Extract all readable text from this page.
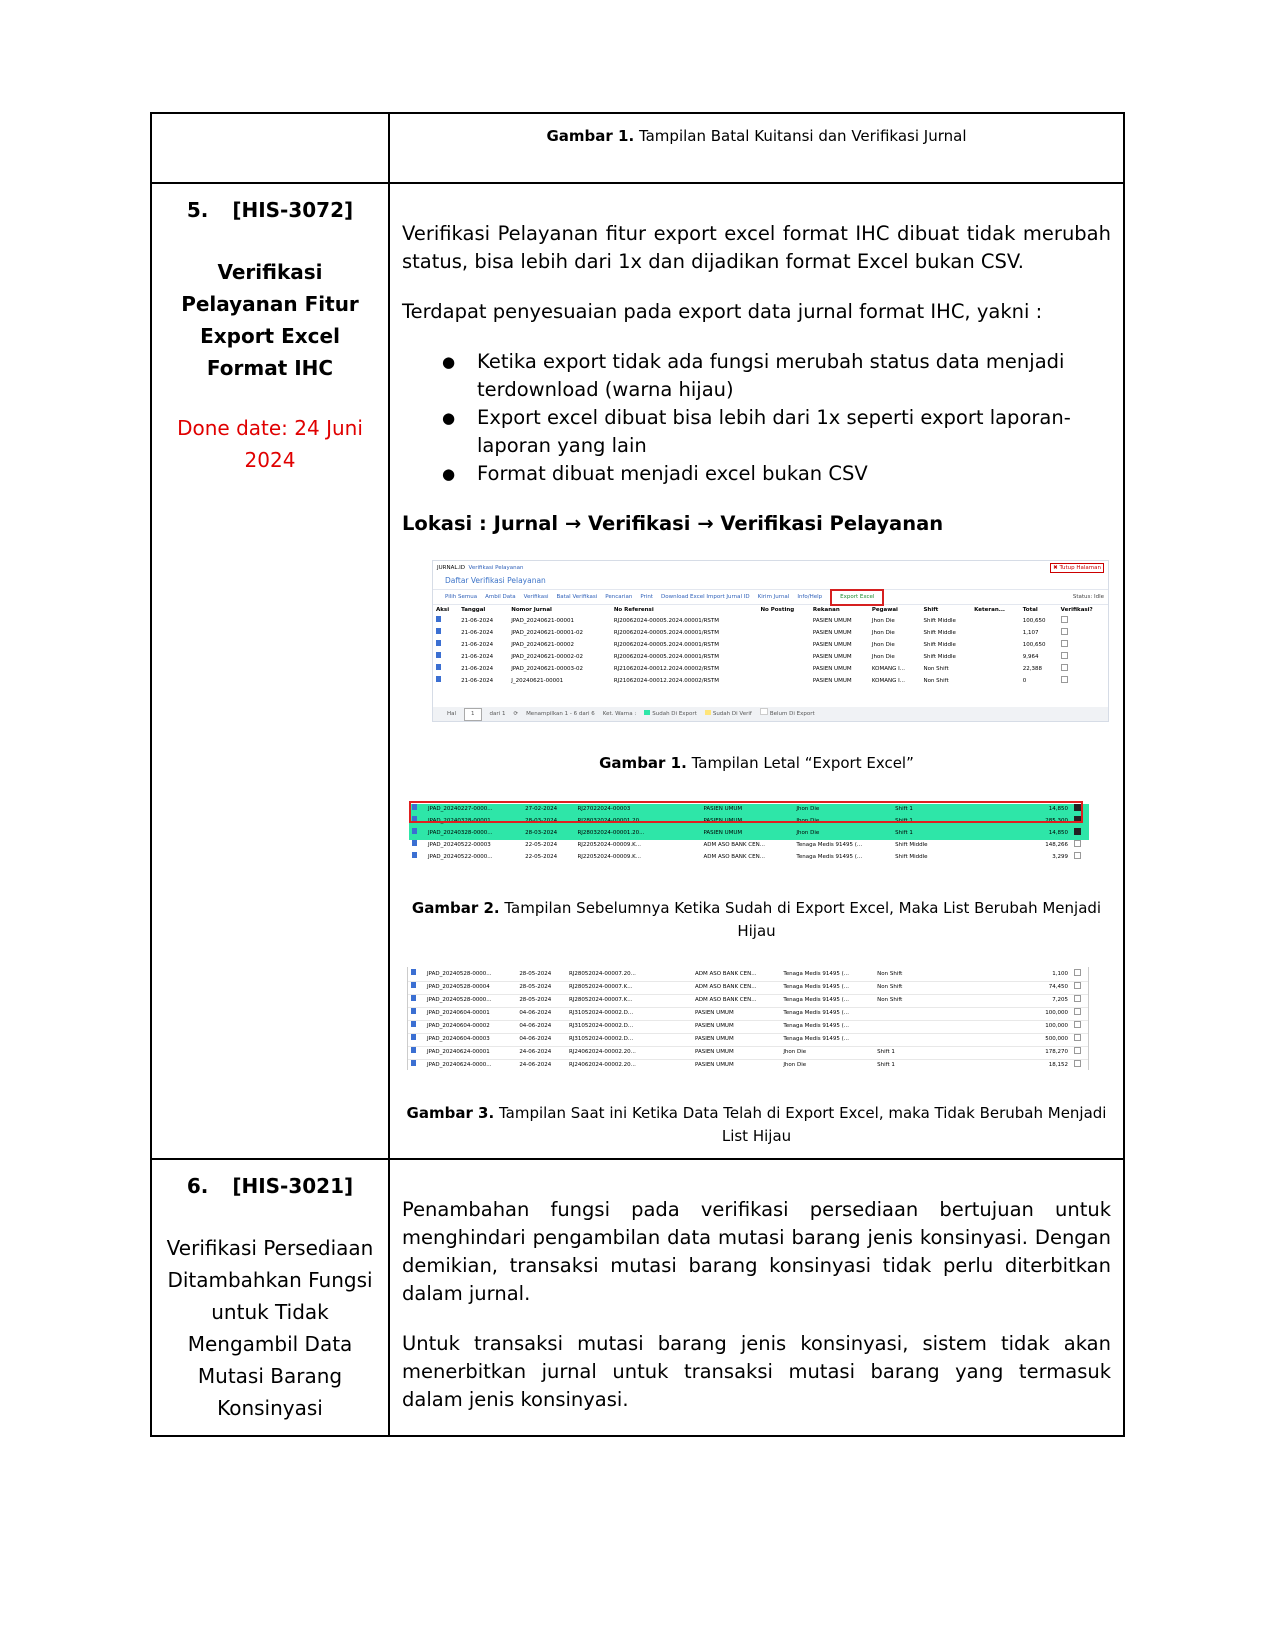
Gambar 1. Tampilan Batal Kuitansi dan Verifikasi Jurnal

5. [HIS-3072]
Verifikasi Pelayanan Fitur Export Excel Format IHC
Done date: 24 Juni 2024

Verifikasi Pelayanan fitur export excel format IHC dibuat tidak merubah status, bisa lebih dari 1x dan dijadikan format Excel bukan CSV.

Terdapat penyesuaian pada export data jurnal format IHC, yakni :

● Ketika export tidak ada fungsi merubah status data menjadi terdownload (warna hijau)
● Export excel dibuat bisa lebih dari 1x seperti export laporan-laporan yang lain
● Format dibuat menjadi excel bukan CSV

Lokasi : Jurnal → Verifikasi → Verifikasi Pelayanan

JURNAL.ID Verifikasi Pelayanan	✖ Tutup Halaman
Daftar Verifikasi Pelayanan
Pilih Semua Ambil Data Verifikasi Batal Verifikasi Pencarian Print Download Excel Import Jurnal ID Kirim Jurnal Info/Help	Export Excel	Status: Idle
Aksi	Tanggal	Nomor Jurnal	No Referensi	No Posting	Rekanan	Pegawai	Shift	Keteran...	Total	Verifikasi?
	21-06-2024	JPAD_20240621-00001	RJ20062024-00005.2024.00001/RSTM		PASIEN UMUM	Jhon Die	Shift Middle		100,650	
	21-06-2024	JPAD_20240621-00001-02	RJ20062024-00005.2024.00001/RSTM		PASIEN UMUM	Jhon Die	Shift Middle		1,107	
	21-06-2024	JPAD_20240621-00002	RJ20062024-00005.2024.00001/RSTM		PASIEN UMUM	Jhon Die	Shift Middle		100,650	
	21-06-2024	JPAD_20240621-00002-02	RJ20062024-00005.2024.00001/RSTM		PASIEN UMUM	Jhon Die	Shift Middle		9,964	
	21-06-2024	JPAD_20240621-00003-02	RJ21062024-00012.2024.00002/RSTM		PASIEN UMUM	KOMANG I...	Non Shift		22,388	
	21-06-2024	J_20240621-00001	RJ21062024-00012.2024.00002/RSTM		PASIEN UMUM	KOMANG I...	Non Shift		0	
Hal	1	dari 1 ⟳ Menampilkan 1 - 6 dari 6 Ket. Warna :	Sudah Di Export	Sudah Di Verif	Belum Di Export
Gambar 1. Tampilan Letal “Export Excel”
	JPAD_20240227-0000...	27-02-2024	RJ27022024-00003	PASIEN UMUM	Jhon Die	Shift 1	14,850	
	JPAD_20240328-00001	28-03-2024	RJ28032024-00001.20...	PASIEN UMUM	Jhon Die	Shift 1	285,300	
	JPAD_20240328-0000...	28-03-2024	RJ28032024-00001.20...	PASIEN UMUM	Jhon Die	Shift 1	14,850	
	JPAD_20240522-00003	22-05-2024	RJ22052024-00009.K...	ADM ASO BANK CEN...	Tenaga Medis 91495 (...	Shift Middle	148,266	
	JPAD_20240522-0000...	22-05-2024	RJ22052024-00009.K...	ADM ASO BANK CEN...	Tenaga Medis 91495 (...	Shift Middle	3,299	
Gambar 2. Tampilan Sebelumnya Ketika Sudah di Export Excel, Maka List Berubah Menjadi Hijau
	JPAD_20240528-0000...	28-05-2024	RJ28052024-00007.20...	ADM ASO BANK CEN...	Tenaga Medis 91495 (...	Non Shift	1,100	
	JPAD_20240528-00004	28-05-2024	RJ28052024-00007.K...	ADM ASO BANK CEN...	Tenaga Medis 91495 (...	Non Shift	74,450	
	JPAD_20240528-0000...	28-05-2024	RJ28052024-00007.K...	ADM ASO BANK CEN...	Tenaga Medis 91495 (...	Non Shift	7,205	
	JPAD_20240604-00001	04-06-2024	RJ31052024-00002.D...	PASIEN UMUM	Tenaga Medis 91495 (...		100,000	
	JPAD_20240604-00002	04-06-2024	RJ31052024-00002.D...	PASIEN UMUM	Tenaga Medis 91495 (...		100,000	
	JPAD_20240604-00003	04-06-2024	RJ31052024-00002.D...	PASIEN UMUM	Tenaga Medis 91495 (...		500,000	
	JPAD_20240624-00001	24-06-2024	RJ24062024-00002.20...	PASIEN UMUM	Jhon Die	Shift 1	178,270	
	JPAD_20240624-0000...	24-06-2024	RJ24062024-00002.20...	PASIEN UMUM	Jhon Die	Shift 1	18,152	
Gambar 3. Tampilan Saat ini Ketika Data Telah di Export Excel, maka Tidak Berubah Menjadi List Hijau

6. [HIS-3021]
Verifikasi Persediaan Ditambahkan Fungsi untuk Tidak Mengambil Data Mutasi Barang Konsinyasi

Penambahan fungsi pada verifikasi persediaan bertujuan untuk menghindari pengambilan data mutasi barang jenis konsinyasi. Dengan demikian, transaksi mutasi barang konsinyasi tidak perlu diterbitkan dalam jurnal.

Untuk transaksi mutasi barang jenis konsinyasi, sistem tidak akan menerbitkan jurnal untuk transaksi mutasi barang yang termasuk dalam jenis konsinyasi.
